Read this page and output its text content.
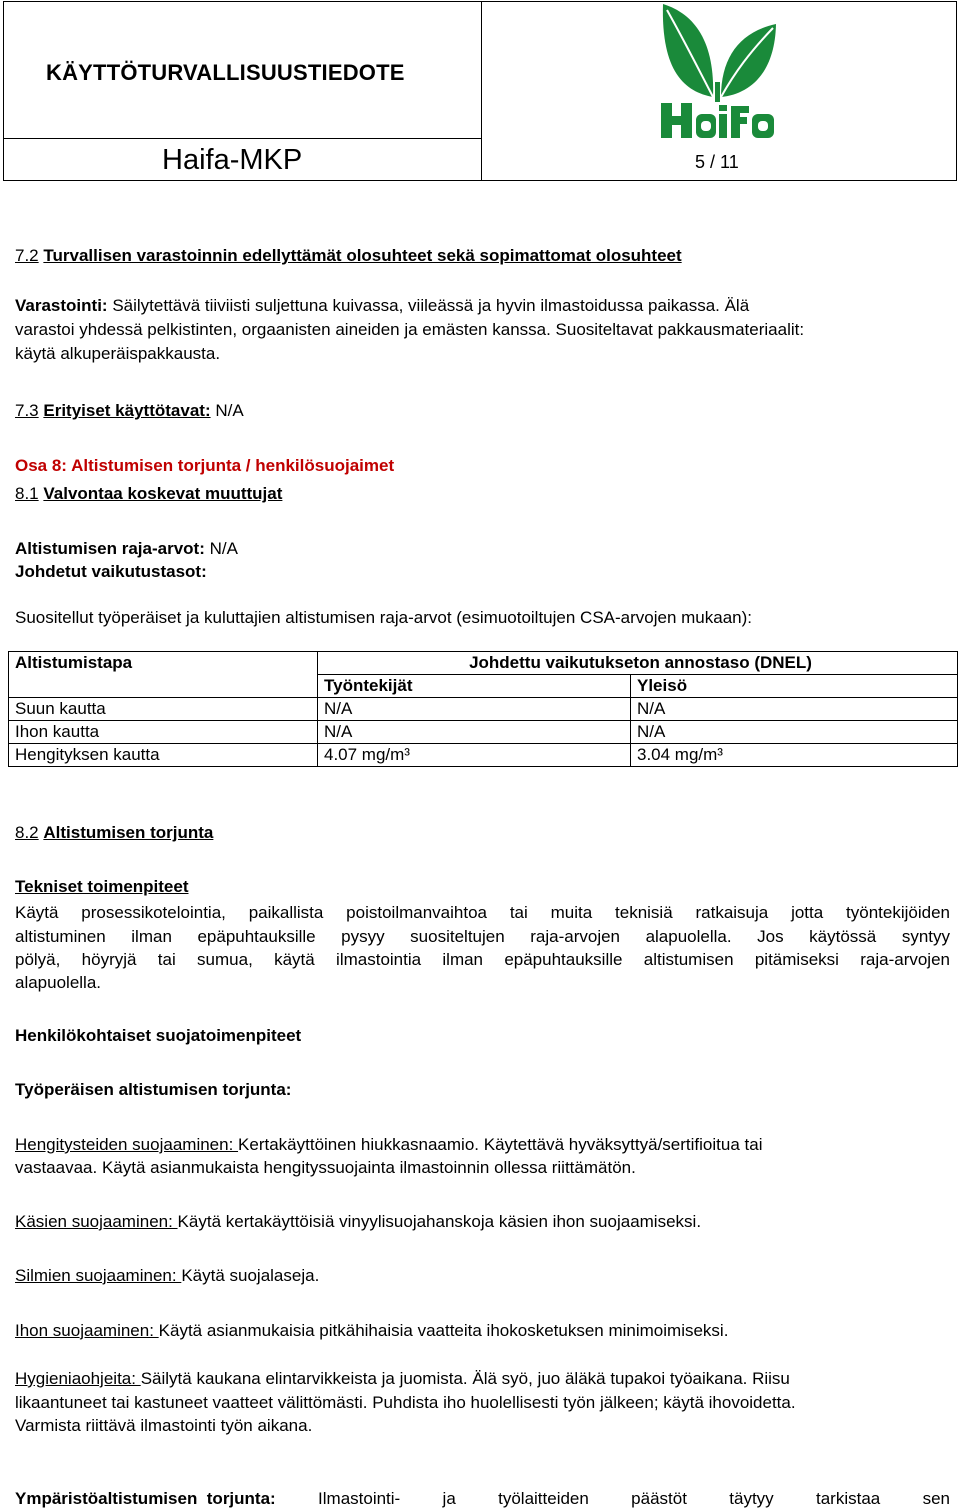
KÄYTTÖTURVALLISUUSTIEDOTE
Haifa-MKP	5 / 11
7.2 Turvallisen varastoinnin edellyttämät olosuhteet sekä sopimattomat olosuhteet
Varastointi: Säilytettävä tiiviisti suljettuna kuivassa, viileässä ja hyvin ilmastoidussa paikassa. Älä
varastoi yhdessä pelkistinten, orgaanisten aineiden ja emästen kanssa. Suositeltavat pakkausmateriaalit:
käytä alkuperäispakkausta.
7.3 Erityiset käyttötavat: N/A
Osa 8: Altistumisen torjunta / henkilösuojaimet
8.1 Valvontaa koskevat muuttujat
Altistumisen raja-arvot: N/A
Johdetut vaikutustasot:
Suositellut työperäiset ja kuluttajien altistumisen raja-arvot (esimuotoiltujen CSA-arvojen mukaan):
Altistumistapa	Johdettu vaikutukseton annostaso (DNEL)	
	Työntekijät	Yleisö
Suun kautta	N/A	N/A
Ihon kautta	N/A	N/A
Hengityksen kautta	4.07 mg/m³	3.04 mg/m³
8.2 Altistumisen torjunta
Tekniset toimenpiteet
Käytä prosessikotelointia, paikallista poistoilmanvaihtoa tai muita teknisiä ratkaisuja jotta työntekijöiden
altistuminen ilman epäpuhtauksille pysyy suositeltujen raja-arvojen alapuolella. Jos käytössä syntyy
pölyä, höyryjä tai sumua, käytä ilmastointia ilman epäpuhtauksille altistumisen pitämiseksi raja-arvojen
alapuolella.
Henkilökohtaiset suojatoimenpiteet
Työperäisen altistumisen torjunta:
Hengitysteiden suojaaminen: Kertakäyttöinen hiukkasnaamio. Käytettävä hyväksyttyä/sertifioitua tai
vastaavaa. Käytä asianmukaista hengityssuojainta ilmastoinnin ollessa riittämätön.
Käsien suojaaminen: Käytä kertakäyttöisiä vinyylisuojahanskoja käsien ihon suojaamiseksi.
Silmien suojaaminen: Käytä suojalaseja.
Ihon suojaaminen: Käytä asianmukaisia pitkähihaisia vaatteita ihokosketuksen minimoimiseksi.
Hygieniaohjeita: Säilytä kaukana elintarvikkeista ja juomista. Älä syö, juo äläkä tupakoi työaikana. Riisu
likaantuneet tai kastuneet vaatteet välittömästi. Puhdista iho huolellisesti työn jälkeen; käytä ihovoidetta.
Varmista riittävä ilmastointi työn aikana.
Ympäristöaltistumisen  torjunta: Ilmastointi-  ja  työlaitteiden  päästöt  täytyy  tarkistaa  sen
